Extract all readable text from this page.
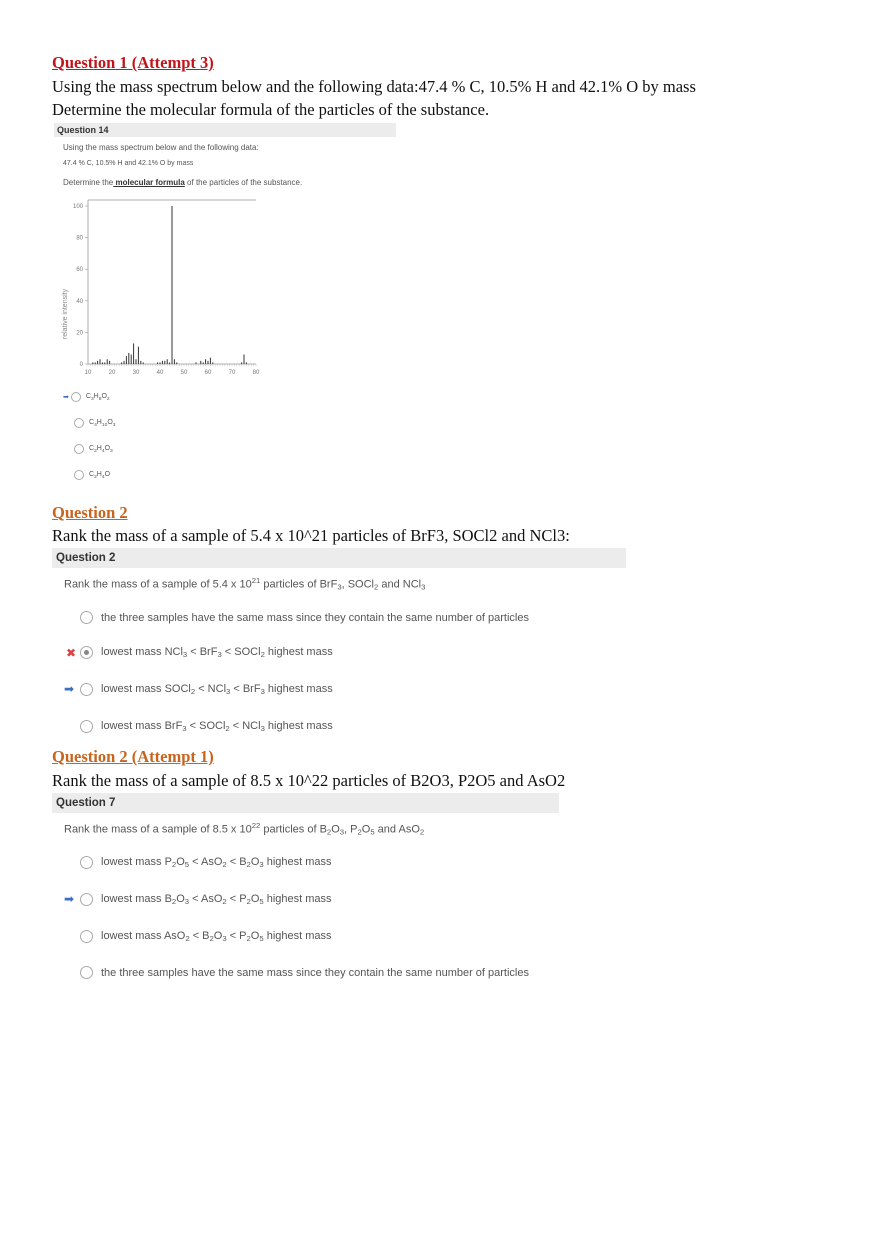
Question 1 (Attempt 3)
Using the mass spectrum below and the following data:47.4 % C, 10.5% H and 42.1% O by mass
Determine the molecular formula of the particles of the substance.
Question 14
Using the mass spectrum below and the following data:
47.4 % C, 10.5% H and 42.1% O by mass
Determine the molecular formula of the particles of the substance.
relative intensity
10	20	30	40	50	60	70	80
0
20
40
60
80
100
➡ $C_3H_8O_2$
$C_4H_{10}O_3$
$C_2H_4O_3$
$C_2H_4O$
Question 2
Rank the mass of a sample of 5.4 x 10^21 particles of BrF3, SOCl2 and NCl3:
Question 2
Rank the mass of a sample of 5.4 x $10^{21}$ particles of BrF$_3$, SOCl$_2$ and NCl$_3$
the three samples have the same mass since they contain the same number of particles
✖ lowest mass NCl$_3$ < BrF$_3$ < SOCl$_2$ highest mass
➡ lowest mass SOCl$_2$ < NCl$_3$ < BrF$_3$ highest mass
lowest mass BrF$_3$ < SOCl$_2$ < NCl$_3$ highest mass
Question 2 (Attempt 1)
Rank the mass of a sample of 8.5 x 10^22 particles of B2O3, P2O5 and AsO2
Question 7
Rank the mass of a sample of 8.5 x $10^{22}$ particles of $B_2O_3$, $P_2O_5$ and AsO$_2$
lowest mass $P_2O_5 < AsO_2 < B_2O_3$ highest mass
➡ lowest mass $B_2O_3 < AsO_2 < P_2O_5$ highest mass
lowest mass $AsO_2 < B_2O_3 < P_2O_5$ highest mass
the three samples have the same mass since they contain the same number of particles
